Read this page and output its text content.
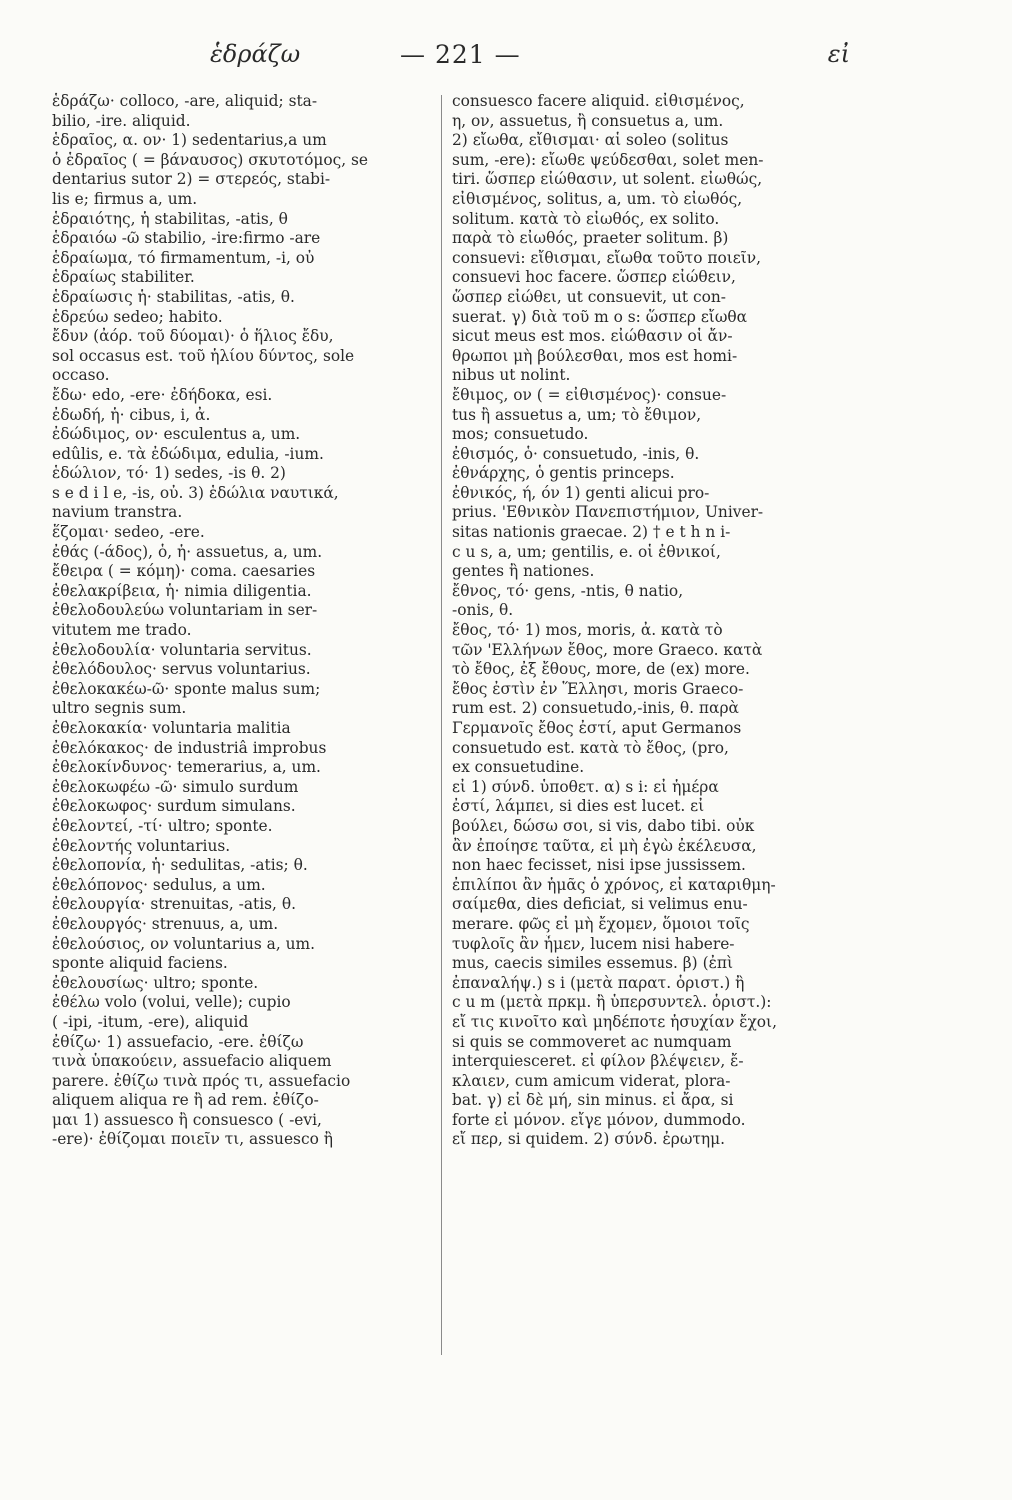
ἑδράζω	— 221 —	εἰ
ἑδράζω· colloco, -are, aliquid; sta-
bilio, -ire. aliquid.
ἑδραῖος, α. ον· 1) sedentarius,a um
ὁ ἑδραῖος ( = βάναυσος) σκυτοτόμος, se
dentarius sutor 2) = στερεός, stabi-
lis e; firmus a, um.
ἑδραιότης, ἡ stabilitas, -atis, θ
ἑδραιόω -ῶ stabilio, -ire:firmo -are
ἑδραίωμα, τό firmamentum, -i, οὐ
ἑδραίως stabiliter.
ἑδραίωσις ἡ· stabilitas, -atis, θ.
ἑδρεύω sedeo; habito.
ἔδυν (ἀόρ. τοῦ δύομαι)· ὁ ἥλιος ἔδυ,
sol occasus est. τοῦ ἡλίου δύντος, sole
occaso.
ἔδω· edo, -ere· ἐδήδοκα, esi.
ἐδωδή, ἡ· cibus, i, ἀ.
ἐδώδιμος, ον· esculentus a, um.
edûlis, e. τὰ ἐδώδιμα, edulia, -ium.
ἑδώλιον, τό· 1) sedes, -is θ. 2)
s e d i l e, -is, οὐ. 3) ἑδώλια ναυτικά,
navium transtra.
ἕζομαι· sedeo, -ere.
ἐθάς (-άδος), ὁ, ἡ· assuetus, a, um.
ἔθειρα ( = κόμη)· coma. caesaries
ἐθελακρίβεια, ἡ· nimia diligentia.
ἐθελοδουλεύω voluntariam in ser-
vitutem me trado.
ἐθελοδουλία· voluntaria servitus.
ἐθελόδουλος· servus voluntarius.
ἐθελοκακέω-ῶ· sponte malus sum;
ultro segnis sum.
ἐθελοκακία· voluntaria malitia
ἐθελόκακος· de industriâ improbus
ἐθελοκίνδυνος· temerarius, a, um.
ἐθελοκωφέω -ῶ· simulo surdum
ἐθελοκωφος· surdum simulans.
ἐθελοντεί, -τί· ultro; sponte.
ἐθελοντής voluntarius.
ἐθελοπονία, ἡ· sedulitas, -atis; θ.
ἐθελόπονος· sedulus, a um.
ἐθελουργία· strenuitas, -atis, θ.
ἐθελουργός· strenuus, a, um.
ἐθελούσιος, ον voluntarius a, um.
sponte aliquid faciens.
ἐθελουσίως· ultro; sponte.
ἐθέλω volo (volui, velle); cupio
( -ipi, -itum, -ere), aliquid
ἐθίζω· 1) assuefacio, -ere. ἐθίζω
τινὰ ὑπακούειν, assuefacio aliquem
parere. ἐθίζω τινὰ πρός τι, assuefacio
aliquem aliqua re ἢ ad rem. ἐθίζο-
μαι 1) assuesco ἢ consuesco ( -evi,
-ere)· ἐθίζομαι ποιεῖν τι, assuesco ἢ
consuesco facere aliquid. εἰθισμένος,
η, ον, assuetus, ἢ consuetus a, um.
2) εἴωθα, εἴθισμαι· αἱ soleo (solitus
sum, -ere): εἴωθε ψεύδεσθαι, solet men-
tiri. ὥσπερ εἰώθασιν, ut solent. εἰωθώς,
εἰθισμένος, solitus, a, um. τὸ εἰωθός,
solitum. κατὰ τὸ εἰωθός, ex solito.
παρὰ τὸ εἰωθός, praeter solitum. β)
consuevi: εἴθισμαι, εἴωθα τοῦτο ποιεῖν,
consuevi hoc facere. ὥσπερ εἰώθειν,
ὥσπερ εἰώθει, ut consuevit, ut con-
suerat. γ) διὰ τοῦ m o s: ὥσπερ εἴωθα
sicut meus est mos. εἰώθασιν οἱ ἄν-
θρωποι μὴ βούλεσθαι, mos est homi-
nibus ut nolint.
ἔθιμος, ον ( = εἰθισμένος)· consue-
tus ἢ assuetus a, um; τὸ ἔθιμον,
mos; consuetudo.
ἐθισμός, ὁ· consuetudo, -inis, θ.
ἐθνάρχης, ὁ gentis princeps.
ἐθνικός, ή, όν 1) genti alicui pro-
prius. 'Εθνικὸν Πανεπιστήμιον, Univer-
sitas nationis graecae. 2) † e t h n i-
c u s, a, um; gentilis, e. οἱ ἐθνικοί,
gentes ἢ nationes.
ἔθνος, τό· gens, -ntis, θ natio,
-onis, θ.
ἔθος, τό· 1) mos, moris, ἀ. κατὰ τὸ
τῶν 'Ελλήνων ἔθος, more Graeco. κατὰ
τὸ ἔθος, ἐξ ἔθους, more, de (ex) more.
ἔθος ἐστὶν ἐν Ἕλλησι, moris Graeco-
rum est. 2) consuetudo,-inis, θ. παρὰ
Γερμανοῖς ἔθος ἐστί, aput Germanos
consuetudo est. κατὰ τὸ ἔθος, (pro,
ex consuetudine.
εἰ 1) σύνδ. ὑποθετ. α) s i: εἰ ἡμέρα
ἐστί, λάμπει, si dies est lucet. εἰ
βούλει, δώσω σοι, si vis, dabo tibi. οὐκ
ἂν ἐποίησε ταῦτα, εἰ μὴ ἐγὼ ἐκέλευσα,
non haec fecisset, nisi ipse jussissem.
ἐπιλίποι ἂν ἡμᾶς ὁ χρόνος, εἰ καταριθμη-
σαίμεθα, dies deficiat, si velimus enu-
merare. φῶς εἰ μὴ ἔχομεν, ὅμοιοι τοῖς
τυφλοῖς ἂν ἦμεν, lucem nisi habere-
mus, caecis similes essemus. β) (ἐπὶ
ἐπαναλήψ.) s i (μετὰ παρατ. ὁριστ.) ἢ
c u m (μετὰ πρκμ. ἢ ὑπερσυντελ. ὁριστ.):
εἴ τις κινοῖτο καὶ μηδέποτε ἡσυχίαν ἔχοι,
si quis se commoveret ac numquam
interquiesceret. εἰ φίλον βλέψειεν, ἔ-
κλαιεν, cum amicum viderat, plora-
bat. γ) εἰ δὲ μή, sin minus. εἰ ἄρα, si
forte εἰ μόνον. εἴγε μόνον, dummodo.
εἴ περ, si quidem. 2) σύνδ. ἐρωτημ.
